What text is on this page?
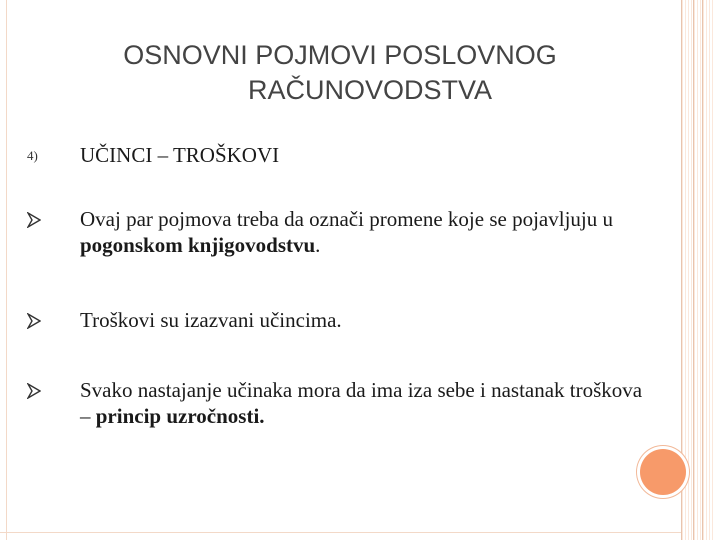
OSNOVNI POJMOVI POSLOVNOG
RAČUNOVODSTVA
4) UČINCI – TROŠKOVI
Ovaj par pojmova treba da označi promene koje se pojavljuju u pogonskom knjigovodstvu.
Troškovi su izazvani učincima.
Svako nastajanje učinaka mora da ima iza sebe i nastanak troškova – princip uzročnosti.
